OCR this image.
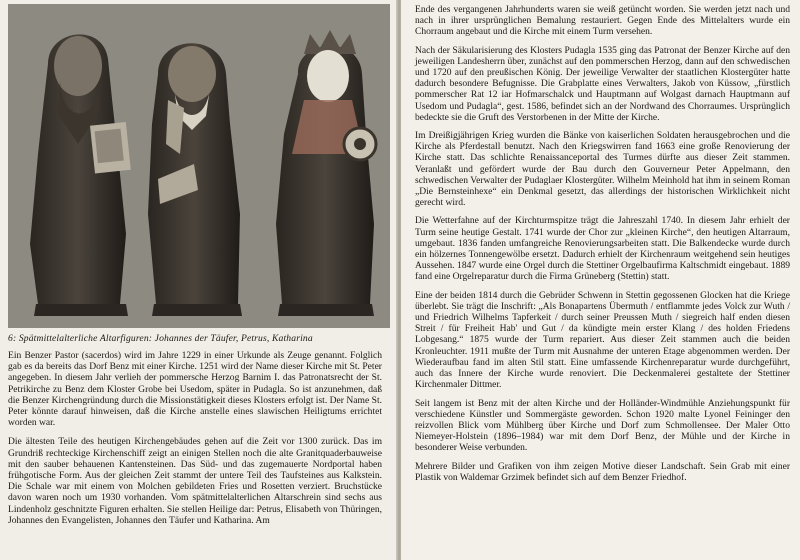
6: Spätmittelalterliche Altarfiguren: Johannes der Täufer, Petrus, Katharina

Ein Benzer Pastor (sacerdos) wird im Jahre 1229 in einer Urkunde als Zeuge genannt. Folglich gab es da bereits das Dorf Benz mit einer Kirche. 1251 wird der Name dieser Kirche mit St. Peter angegeben. In diesem Jahr verlieh der pommersche Herzog Barnim I. das Patronatsrecht der St. Petrikirche zu Benz dem Kloster Grobe bei Usedom, später in Pudagla. So ist anzunehmen, daß die Benzer Kirchengründung durch die Missionstätigkeit dieses Klosters erfolgt ist. Der Name St. Peter könnte darauf hinweisen, daß die Kirche anstelle eines slawischen Heiligtums errichtet worden war.

Die ältesten Teile des heutigen Kirchengebäudes gehen auf die Zeit vor 1300 zurück. Das im Grundriß rechteckige Kirchenschiff zeigt an einigen Stellen noch die alte Granitquaderbauweise mit den sauber behauenen Kantensteinen. Das Süd- und das zugemauerte Nordportal haben frühgotische Form. Aus der gleichen Zeit stammt der untere Teil des Taufsteines aus Kalkstein. Die Schale war mit einem von Molchen gebildeten Fries und Rosetten verziert. Bruchstücke davon waren noch um 1930 vorhanden. Vom spätmittelalterlichen Altarschrein sind sechs aus Lindenholz geschnitzte Figuren erhalten. Sie stellen Heilige dar: Petrus, Elisabeth von Thüringen, Johannes den Evangelisten, Johannes den Täufer und Katharina. Am

Ende des vergangenen Jahrhunderts waren sie weiß getüncht worden. Sie werden jetzt nach und nach in ihrer ursprünglichen Bemalung restauriert. Gegen Ende des Mittelalters wurde ein Chorraum angebaut und die Kirche mit einem Turm versehen.

Nach der Säkularisierung des Klosters Pudagla 1535 ging das Patronat der Benzer Kirche auf den jeweiligen Landesherrn über, zunächst auf den pommerschen Herzog, dann auf den schwedischen und 1720 auf den preußischen König. Der jeweilige Verwalter der staatlichen Klostergüter hatte dadurch besondere Befugnisse. Die Grabplatte eines Verwalters, Jakob von Küssow, „fürstlich pommerscher Rat 12 iar Hofmarschalck und Hauptmann auf Wolgast darnach Hauptmann auf Usedom und Pudagla“, gest. 1586, befindet sich an der Nordwand des Chorraumes. Ursprünglich bedeckte sie die Gruft des Verstorbenen in der Mitte der Kirche.

Im Dreißigjährigen Krieg wurden die Bänke von kaiserlichen Soldaten herausgebrochen und die Kirche als Pferdestall benutzt. Nach den Kriegswirren fand 1663 eine große Renovierung der Kirche statt. Das schlichte Renaissanceportal des Turmes dürfte aus dieser Zeit stammen. Veranlaßt und gefördert wurde der Bau durch den Gouverneur Peter Appelmann, den schwedischen Verwalter der Pudaglaer Klostergüter. Wilhelm Meinhold hat ihm in seinem Roman „Die Bernsteinhexe“ ein Denkmal gesetzt, das allerdings der historischen Wirklichkeit nicht gerecht wird.

Die Wetterfahne auf der Kirchturmspitze trägt die Jahreszahl 1740. In diesem Jahr erhielt der Turm seine heutige Gestalt. 1741 wurde der Chor zur „kleinen Kirche“, den heutigen Altarraum, umgebaut. 1836 fanden umfangreiche Renovierungsarbeiten statt. Die Balkendecke wurde durch ein hölzernes Tonnengewölbe ersetzt. Dadurch erhielt der Kirchenraum weitgehend sein heutiges Aussehen. 1847 wurde eine Orgel durch die Stettiner Orgelbaufirma Kaltschmidt eingebaut. 1889 fand eine Orgelreparatur durch die Firma Grüneberg (Stettin) statt.

Eine der beiden 1814 durch die Gebrüder Schwenn in Stettin gegossenen Glocken hat die Kriege überlebt. Sie trägt die Inschrift: „Als Bonapartens Übermuth / entflammte jedes Volck zur Wuth / und Friedrich Wilhelms Tapferkeit / durch seiner Preussen Muth / siegreich half enden diesen Streit / für Freiheit Hab' und Gut / da kündigte mein erster Klang / des holden Friedens Lobgesang.“ 1875 wurde der Turm repariert. Aus dieser Zeit stammen auch die beiden Kronleuchter. 1911 mußte der Turm mit Ausnahme der unteren Etage abgenommen werden. Der Wiederaufbau fand im alten Stil statt. Eine umfassende Kirchenreparatur wurde durchgeführt, auch das Innere der Kirche wurde renoviert. Die Deckenmalerei gestaltete der Stettiner Kirchenmaler Dittmer.

Seit langem ist Benz mit der alten Kirche und der Holländer-Windmühle Anziehungspunkt für verschiedene Künstler und Sommergäste geworden. Schon 1920 malte Lyonel Feininger den reizvollen Blick vom Mühlberg über Kirche und Dorf zum Schmollensee. Der Maler Otto Niemeyer-Holstein (1896–1984) war mit dem Dorf Benz, der Mühle und der Kirche in besonderer Weise verbunden.

Mehrere Bilder und Grafiken von ihm zeigen Motive dieser Landschaft. Sein Grab mit einer Plastik von Waldemar Grzimek befindet sich auf dem Benzer Friedhof.
